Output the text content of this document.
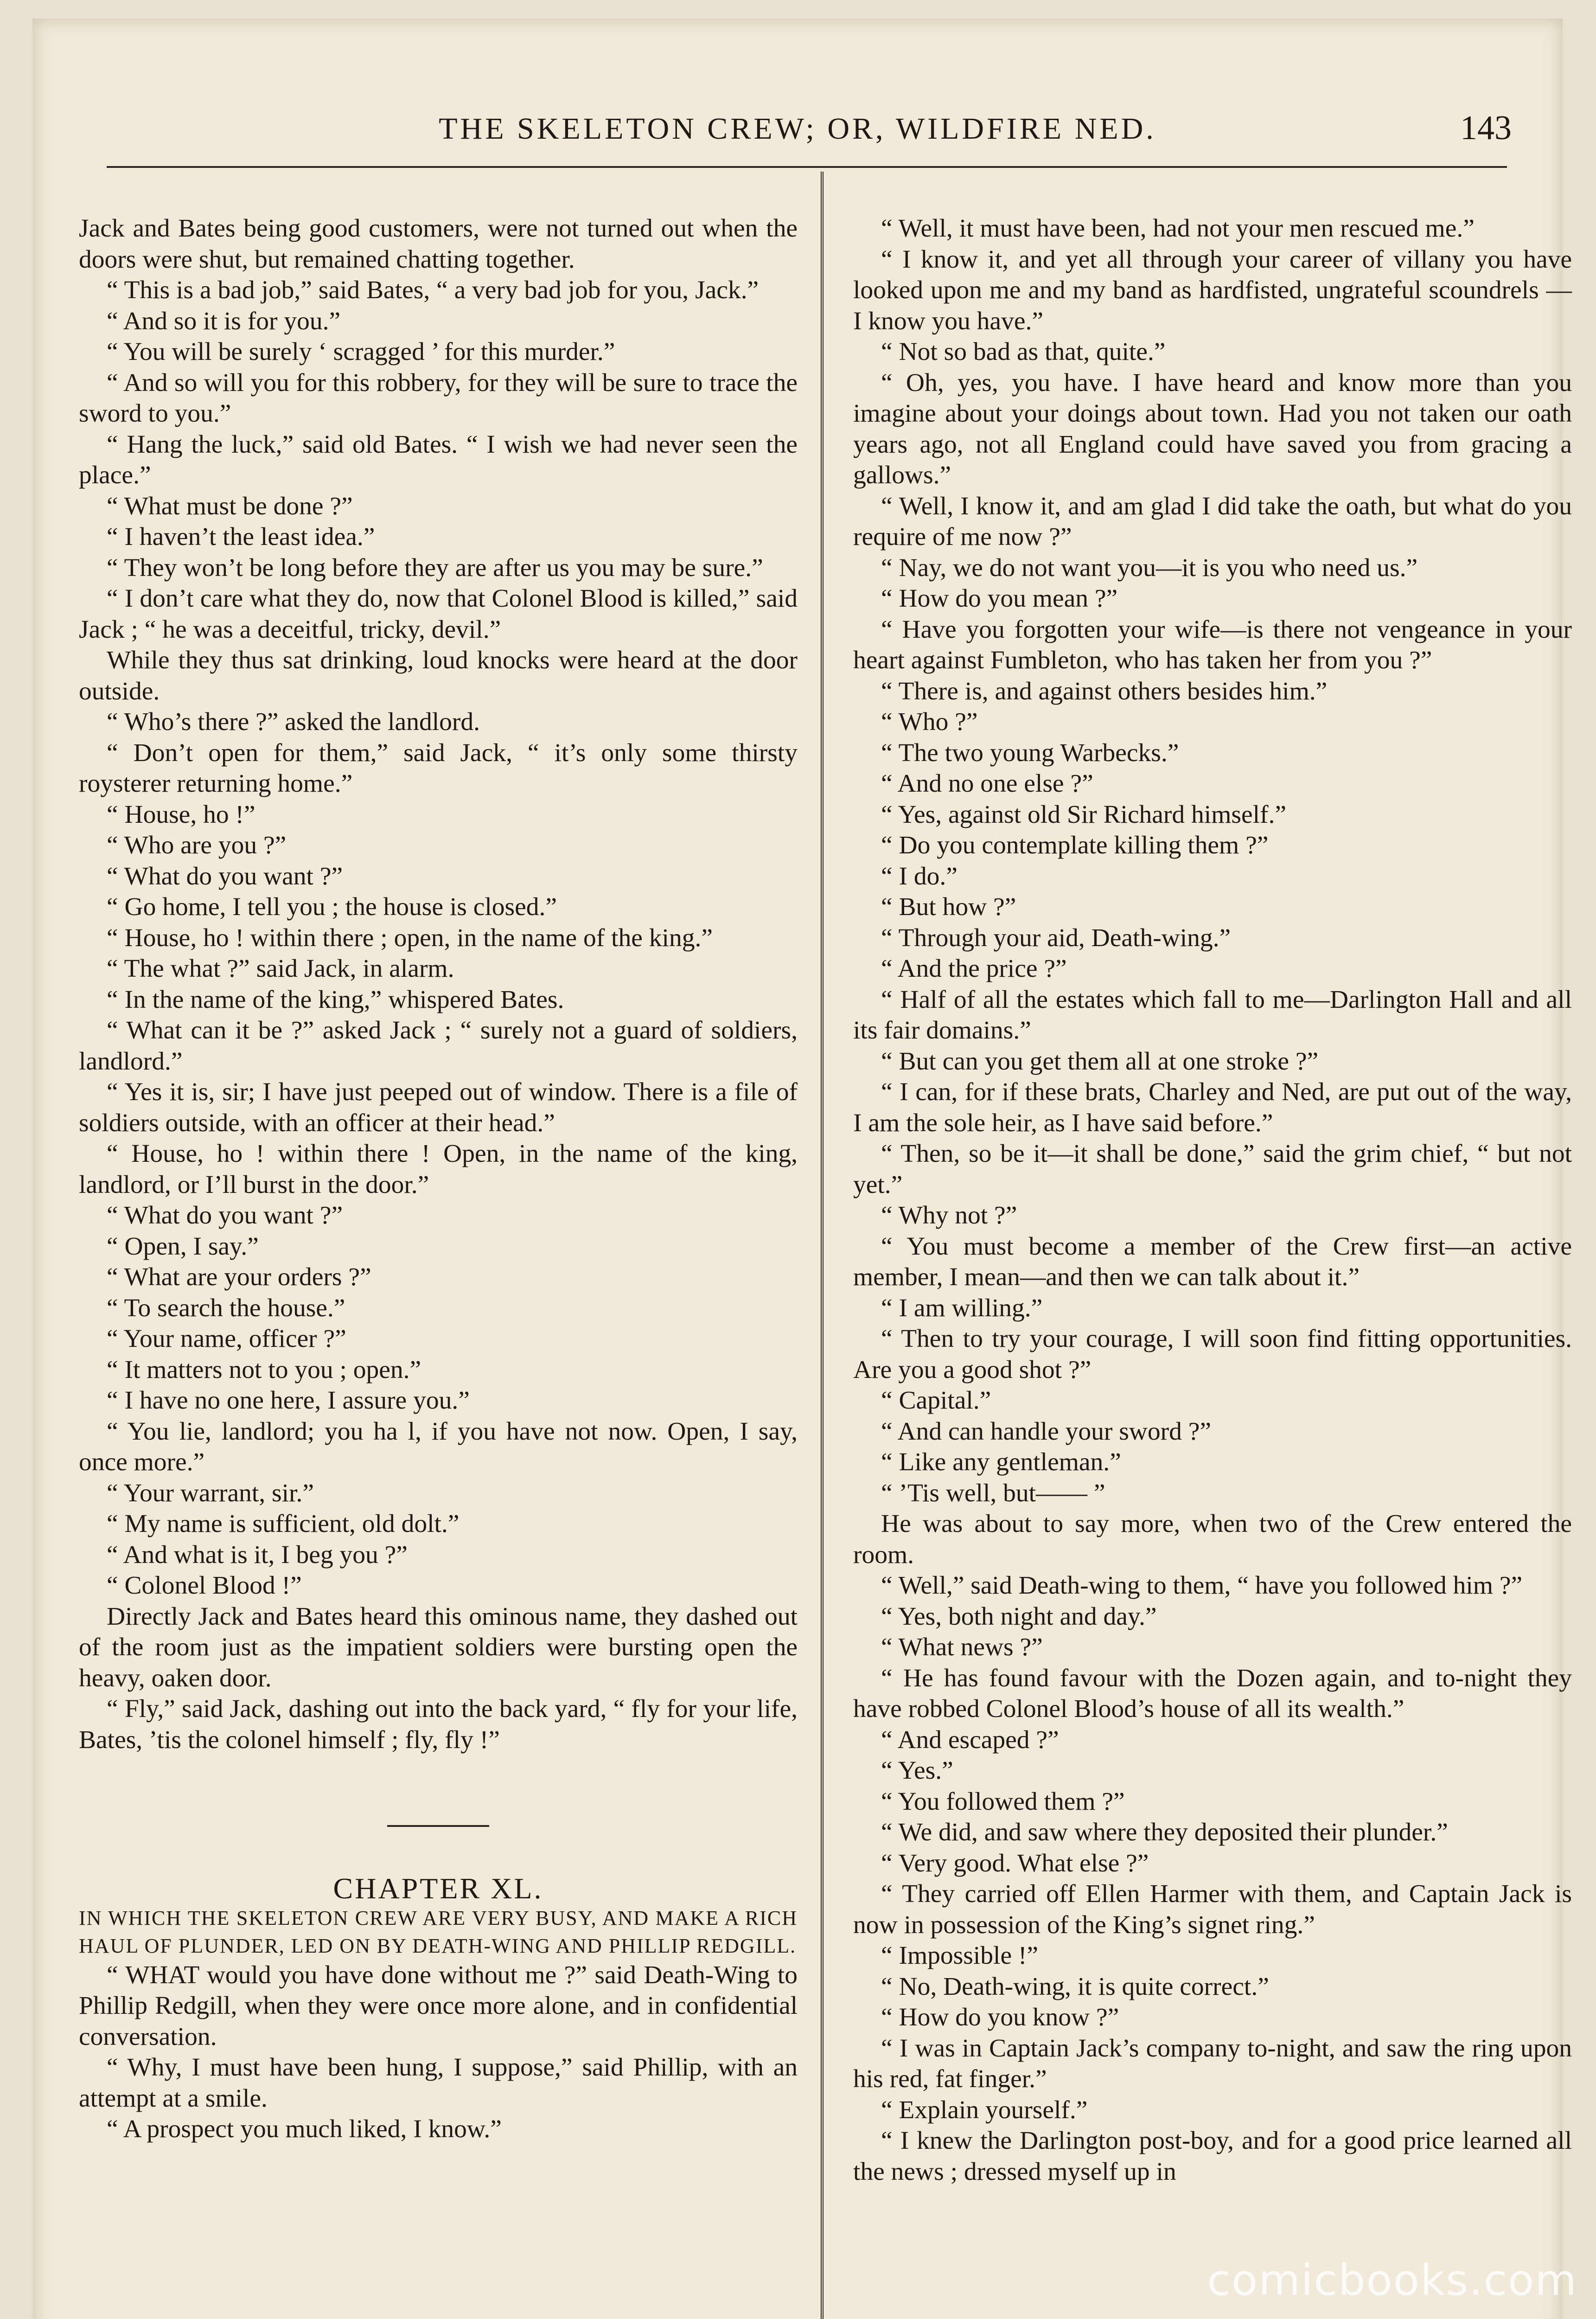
THE SKELETON CREW; OR, WILDFIRE NED.	143

Jack and Bates being good customers, were not turned out when the doors were shut, but remained chatting together.

“ This is a bad job,” said Bates, “ a very bad job for you, Jack.”

“ And so it is for you.”

“ You will be surely ‘ scragged ’ for this murder.”

“ And so will you for this robbery, for they will be sure to trace the sword to you.”

“ Hang the luck,” said old Bates. “ I wish we had never seen the place.”

“ What must be done ?”

“ I haven’t the least idea.”

“ They won’t be long before they are after us you may be sure.”

“ I don’t care what they do, now that Colonel Blood is killed,” said Jack ; “ he was a deceitful, tricky, devil.”

While they thus sat drinking, loud knocks were heard at the door outside.

“ Who’s there ?” asked the landlord.

“ Don’t open for them,” said Jack, “ it’s only some thirsty roysterer returning home.”

“ House, ho !”

“ Who are you ?”

“ What do you want ?”

“ Go home, I tell you ; the house is closed.”

“ House, ho ! within there ; open, in the name of the king.”

“ The what ?” said Jack, in alarm.

“ In the name of the king,” whispered Bates.

“ What can it be ?” asked Jack ; “ surely not a guard of soldiers, landlord.”

“ Yes it is, sir; I have just peeped out of window. There is a file of soldiers outside, with an officer at their head.”

“ House, ho ! within there ! Open, in the name of the king, landlord, or I’ll burst in the door.”

“ What do you want ?”

“ Open, I say.”

“ What are your orders ?”

“ To search the house.”

“ Your name, officer ?”

“ It matters not to you ; open.”

“ I have no one here, I assure you.”

“ You lie, landlord; you ha l, if you have not now. Open, I say, once more.”

“ Your warrant, sir.”

“ My name is sufficient, old dolt.”

“ And what is it, I beg you ?”

“ Colonel Blood !”

Directly Jack and Bates heard this ominous name, they dashed out of the room just as the impatient soldiers were bursting open the heavy, oaken door.

“ Fly,” said Jack, dashing out into the back yard, “ fly for your life, Bates, ’tis the colonel himself ; fly, fly !”

CHAPTER XL.

IN WHICH THE SKELETON CREW ARE VERY BUSY, AND MAKE A RICH HAUL OF PLUNDER, LED ON BY DEATH-WING AND PHILLIP REDGILL.

“ WHAT would you have done without me ?” said Death-Wing to Phillip Redgill, when they were once more alone, and in confidential conversation.

“ Why, I must have been hung, I suppose,” said Phillip, with an attempt at a smile.

“ A prospect you much liked, I know.”

“ Well, it must have been, had not your men rescued me.”

“ I know it, and yet all through your career of villany you have looked upon me and my band as hardfisted, ungrateful scoundrels — I know you have.”

“ Not so bad as that, quite.”

“ Oh, yes, you have. I have heard and know more than you imagine about your doings about town. Had you not taken our oath years ago, not all England could have saved you from gracing a gallows.”

“ Well, I know it, and am glad I did take the oath, but what do you require of me now ?”

“ Nay, we do not want you—it is you who need us.”

“ How do you mean ?”

“ Have you forgotten your wife—is there not vengeance in your heart against Fumbleton, who has taken her from you ?”

“ There is, and against others besides him.”

“ Who ?”

“ The two young Warbecks.”

“ And no one else ?”

“ Yes, against old Sir Richard himself.”

“ Do you contemplate killing them ?”

“ I do.”

“ But how ?”

“ Through your aid, Death-wing.”

“ And the price ?”

“ Half of all the estates which fall to me—Darlington Hall and all its fair domains.”

“ But can you get them all at one stroke ?”

“ I can, for if these brats, Charley and Ned, are put out of the way, I am the sole heir, as I have said before.”

“ Then, so be it—it shall be done,” said the grim chief, “ but not yet.”

“ Why not ?”

“ You must become a member of the Crew first—an active member, I mean—and then we can talk about it.”

“ I am willing.”

“ Then to try your courage, I will soon find fitting opportunities. Are you a good shot ?”

“ Capital.”

“ And can handle your sword ?”

“ Like any gentleman.”

“ ’Tis well, but—— ”

He was about to say more, when two of the Crew entered the room.

“ Well,” said Death-wing to them, “ have you followed him ?”

“ Yes, both night and day.”

“ What news ?”

“ He has found favour with the Dozen again, and to-night they have robbed Colonel Blood’s house of all its wealth.”

“ And escaped ?”

“ Yes.”

“ You followed them ?”

“ We did, and saw where they deposited their plunder.”

“ Very good. What else ?”

“ They carried off Ellen Harmer with them, and Captain Jack is now in possession of the King’s signet ring.”

“ Impossible !”

“ No, Death-wing, it is quite correct.”

“ How do you know ?”

“ I was in Captain Jack’s company to-night, and saw the ring upon his red, fat finger.”

“ Explain yourself.”

“ I knew the Darlington post-boy, and for a good price learned all the news ; dressed myself up in

comicbooks.com
